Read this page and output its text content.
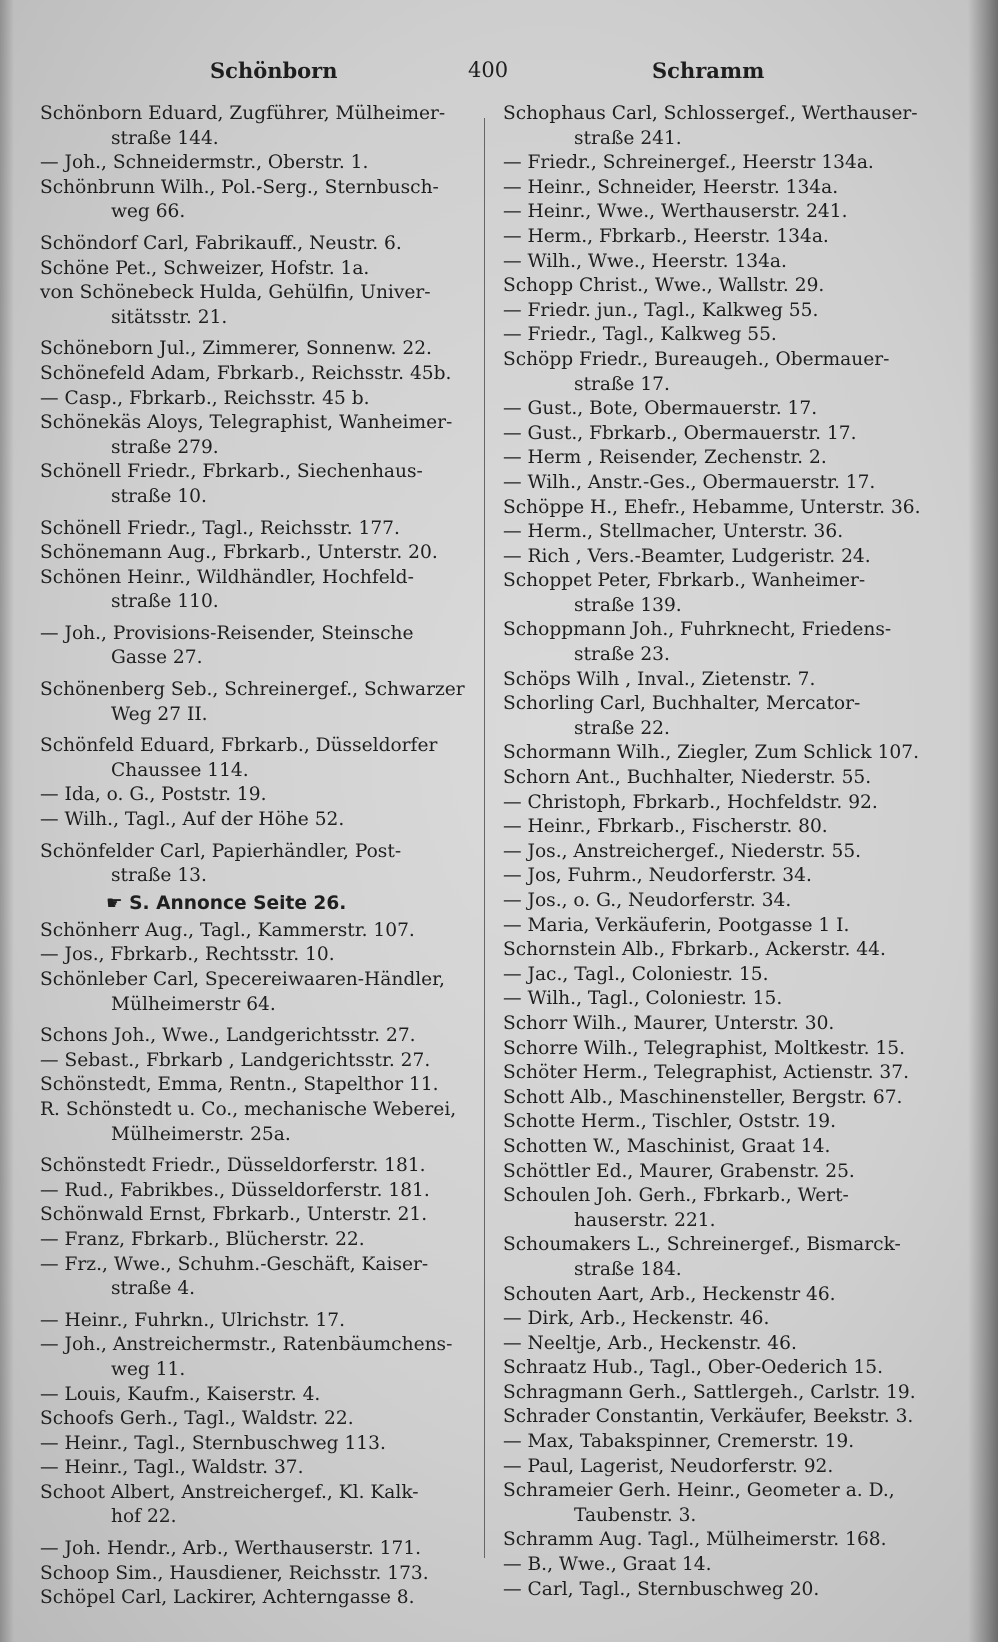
Schönborn	400	Schramm
Schönborn Eduard, Zugführer, Mülheimer-
straße 144.
— Joh., Schneidermstr., Oberstr. 1.
Schönbrunn Wilh., Pol.-Serg., Sternbusch-
weg 66.
Schöndorf Carl, Fabrikauff., Neustr. 6.
Schöne Pet., Schweizer, Hofstr. 1a.
von Schönebeck Hulda, Gehülfin, Univer-
sitätsstr. 21.
Schöneborn Jul., Zimmerer, Sonnenw. 22.
Schönefeld Adam, Fbrkarb., Reichsstr. 45b.
— Casp., Fbrkarb., Reichsstr. 45 b.
Schönekäs Aloys, Telegraphist, Wanheimer-
straße 279.
Schönell Friedr., Fbrkarb., Siechenhaus-
straße 10.
Schönell Friedr., Tagl., Reichsstr. 177.
Schönemann Aug., Fbrkarb., Unterstr. 20.
Schönen Heinr., Wildhändler, Hochfeld-
straße 110.
— Joh., Provisions-Reisender, Steinsche
Gasse 27.
Schönenberg Seb., Schreinergef., Schwarzer
Weg 27 II.
Schönfeld Eduard, Fbrkarb., Düsseldorfer
Chaussee 114.
— Ida, o. G., Poststr. 19.
— Wilh., Tagl., Auf der Höhe 52.
Schönfelder Carl, Papierhändler, Post-
straße 13.
☛ S. Annonce Seite 26.
Schönherr Aug., Tagl., Kammerstr. 107.
— Jos., Fbrkarb., Rechtsstr. 10.
Schönleber Carl, Specereiwaaren-Händler,
Mülheimerstr 64.
Schons Joh., Wwe., Landgerichtsstr. 27.
— Sebast., Fbrkarb , Landgerichtsstr. 27.
Schönstedt, Emma, Rentn., Stapelthor 11.
R. Schönstedt u. Co., mechanische Weberei,
Mülheimerstr. 25a.
Schönstedt Friedr., Düsseldorferstr. 181.
— Rud., Fabrikbes., Düsseldorferstr. 181.
Schönwald Ernst, Fbrkarb., Unterstr. 21.
— Franz, Fbrkarb., Blücherstr. 22.
— Frz., Wwe., Schuhm.-Geschäft, Kaiser-
straße 4.
— Heinr., Fuhrkn., Ulrichstr. 17.
— Joh., Anstreichermstr., Ratenbäumchens-
weg 11.
— Louis, Kaufm., Kaiserstr. 4.
Schoofs Gerh., Tagl., Waldstr. 22.
— Heinr., Tagl., Sternbuschweg 113.
— Heinr., Tagl., Waldstr. 37.
Schoot Albert, Anstreichergef., Kl. Kalk-
hof 22.
— Joh. Hendr., Arb., Werthauserstr. 171.
Schoop Sim., Hausdiener, Reichsstr. 173.
Schöpel Carl, Lackirer, Achterngasse 8.
Schophaus Carl, Schlossergef., Werthauser-
straße 241.
— Friedr., Schreinergef., Heerstr 134a.
— Heinr., Schneider, Heerstr. 134a.
— Heinr., Wwe., Werthauserstr. 241.
— Herm., Fbrkarb., Heerstr. 134a.
— Wilh., Wwe., Heerstr. 134a.
Schopp Christ., Wwe., Wallstr. 29.
— Friedr. jun., Tagl., Kalkweg 55.
— Friedr., Tagl., Kalkweg 55.
Schöpp Friedr., Bureaugeh., Obermauer-
straße 17.
— Gust., Bote, Obermauerstr. 17.
— Gust., Fbrkarb., Obermauerstr. 17.
— Herm , Reisender, Zechenstr. 2.
— Wilh., Anstr.-Ges., Obermauerstr. 17.
Schöppe H., Ehefr., Hebamme, Unterstr. 36.
— Herm., Stellmacher, Unterstr. 36.
— Rich , Vers.-Beamter, Ludgeristr. 24.
Schoppet Peter, Fbrkarb., Wanheimer-
straße 139.
Schoppmann Joh., Fuhrknecht, Friedens-
straße 23.
Schöps Wilh , Inval., Zietenstr. 7.
Schorling Carl, Buchhalter, Mercator-
straße 22.
Schormann Wilh., Ziegler, Zum Schlick 107.
Schorn Ant., Buchhalter, Niederstr. 55.
— Christoph, Fbrkarb., Hochfeldstr. 92.
— Heinr., Fbrkarb., Fischerstr. 80.
— Jos., Anstreichergef., Niederstr. 55.
— Jos, Fuhrm., Neudorferstr. 34.
— Jos., o. G., Neudorferstr. 34.
— Maria, Verkäuferin, Pootgasse 1 I.
Schornstein Alb., Fbrkarb., Ackerstr. 44.
— Jac., Tagl., Coloniestr. 15.
— Wilh., Tagl., Coloniestr. 15.
Schorr Wilh., Maurer, Unterstr. 30.
Schorre Wilh., Telegraphist, Moltkestr. 15.
Schöter Herm., Telegraphist, Actienstr. 37.
Schott Alb., Maschinensteller, Bergstr. 67.
Schotte Herm., Tischler, Oststr. 19.
Schotten W., Maschinist, Graat 14.
Schöttler Ed., Maurer, Grabenstr. 25.
Schoulen Joh. Gerh., Fbrkarb., Wert-
hauserstr. 221.
Schoumakers L., Schreinergef., Bismarck-
straße 184.
Schouten Aart, Arb., Heckenstr 46.
— Dirk, Arb., Heckenstr. 46.
— Neeltje, Arb., Heckenstr. 46.
Schraatz Hub., Tagl., Ober-Oederich 15.
Schragmann Gerh., Sattlergeh., Carlstr. 19.
Schrader Constantin, Verkäufer, Beekstr. 3.
— Max, Tabakspinner, Cremerstr. 19.
— Paul, Lagerist, Neudorferstr. 92.
Schrameier Gerh. Heinr., Geometer a. D.,
Taubenstr. 3.
Schramm Aug. Tagl., Mülheimerstr. 168.
— B., Wwe., Graat 14.
— Carl, Tagl., Sternbuschweg 20.
